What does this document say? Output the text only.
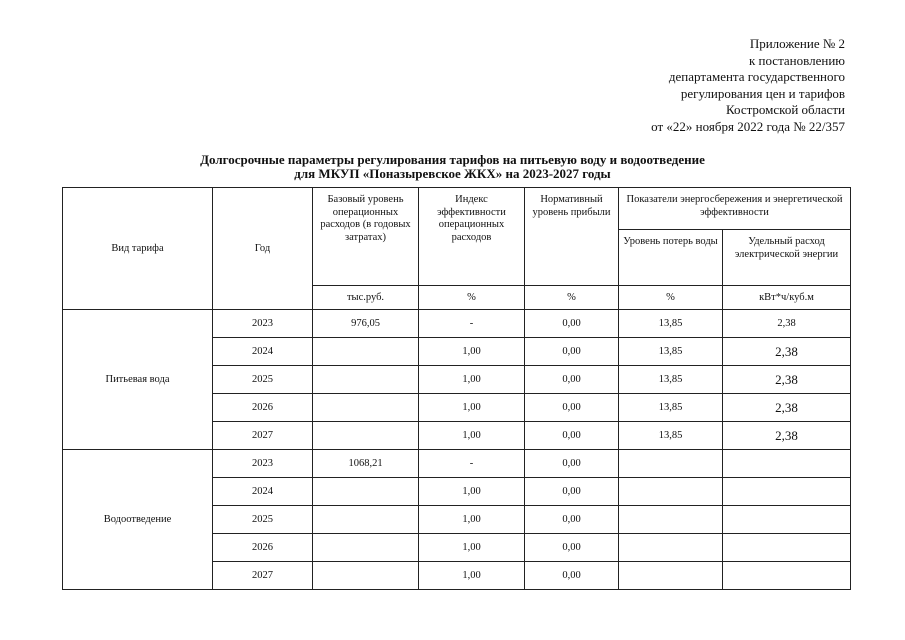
Приложение № 2
к постановлению
департамента государственного
регулирования цен и тарифов
Костромской области
от «22» ноября 2022 года № 22/357
Долгосрочные параметры регулирования тарифов на питьевую воду и водоотведение
для МКУП «Поназыревское ЖКХ» на 2023-2027 годы
Вид тарифа	Год	Базовый уровень операционных расходов (в годовых затратах)	Индекс эффективности операционных расходов	Нормативный уровень прибыли	Показатели энергосбережения и энергетической эффективности	
					Уровень потерь воды	Удельный расход электрической энергии
		тыс.руб.	%	%	%	кВт*ч/куб.м
Питьевая вода	2023	976,05	-	0,00	13,85	2,38
	2024		1,00	0,00	13,85	2,38
	2025		1,00	0,00	13,85	2,38
	2026		1,00	0,00	13,85	2,38
	2027		1,00	0,00	13,85	2,38
Водоотведение	2023	1068,21	-	0,00		
	2024		1,00	0,00		
	2025		1,00	0,00		
	2026		1,00	0,00		
	2027		1,00	0,00		
